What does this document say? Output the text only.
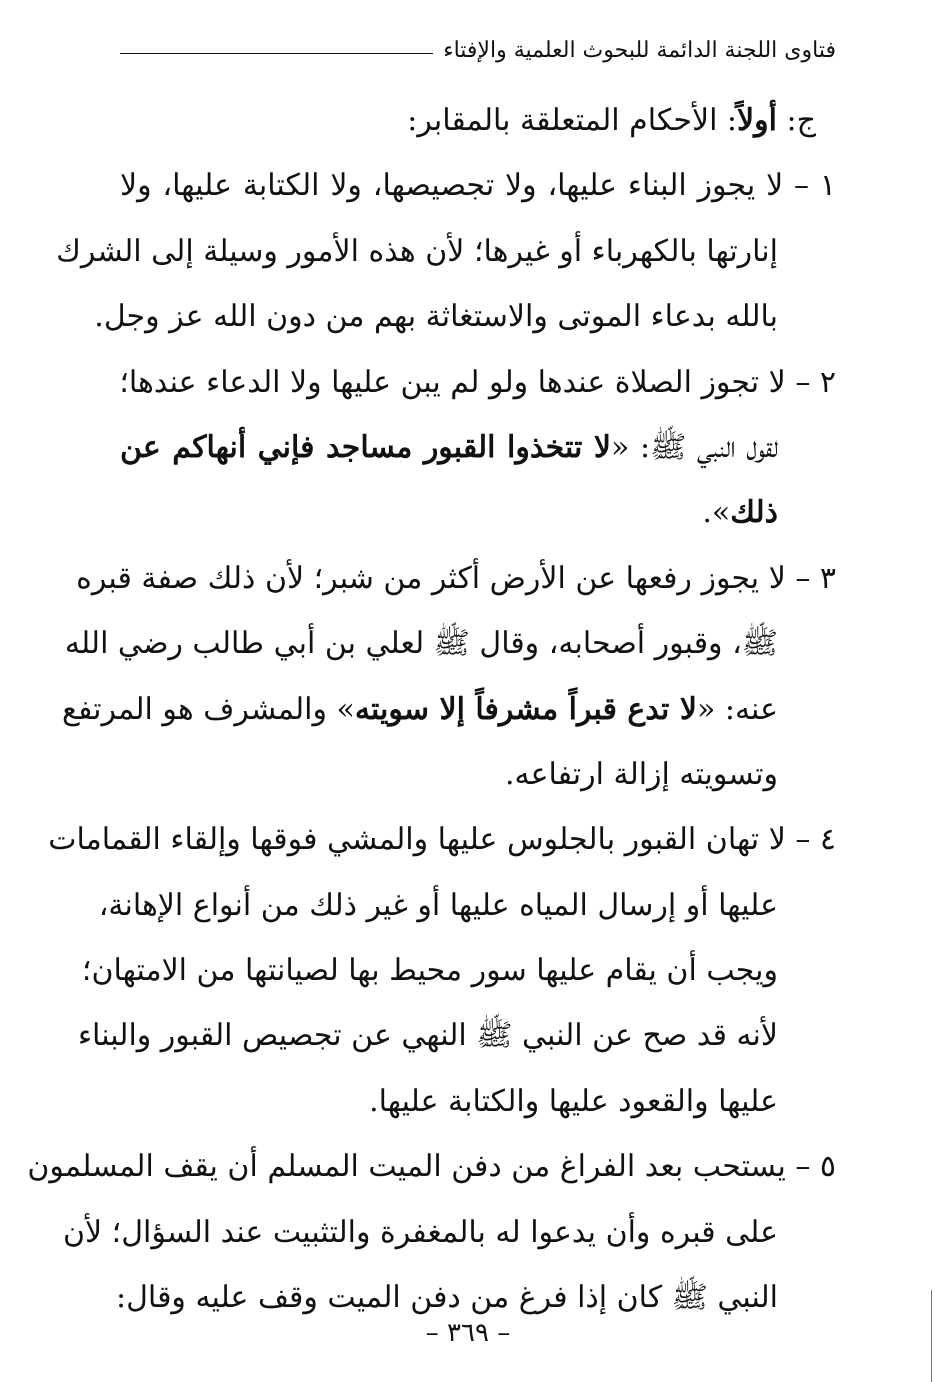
فتاوى اللجنة الدائمة للبحوث العلمية والإفتاء
ج: أولاً: الأحكام المتعلقة بالمقابر:
١ – لا يجوز البناء عليها، ولا تجصيصها، ولا الكتابة عليها، ولا
إنارتها بالكهرباء أو غيرها؛ لأن هذه الأمور وسيلة إلى الشرك
بالله بدعاء الموتى والاستغاثة بهم من دون الله عز وجل.
٢ – لا تجوز الصلاة عندها ولو لم يبن عليها ولا الدعاء عندها؛
لقول النبي ﷺ: «لا تتخذوا القبور مساجد فإني أنهاكم عن
ذلك».
٣ – لا يجوز رفعها عن الأرض أكثر من شبر؛ لأن ذلك صفة قبره
ﷺ، وقبور أصحابه، وقال ﷺ لعلي بن أبي طالب رضي الله
عنه: «لا تدع قبراً مشرفاً إلا سويته» والمشرف هو المرتفع
وتسويته إزالة ارتفاعه.
٤ – لا تهان القبور بالجلوس عليها والمشي فوقها وإلقاء القمامات
عليها أو إرسال المياه عليها أو غير ذلك من أنواع الإهانة،
ويجب أن يقام عليها سور محيط بها لصيانتها من الامتهان؛
لأنه قد صح عن النبي ﷺ النهي عن تجصيص القبور والبناء
عليها والقعود عليها والكتابة عليها.
٥ – يستحب بعد الفراغ من دفن الميت المسلم أن يقف المسلمون
على قبره وأن يدعوا له بالمغفرة والتثبيت عند السؤال؛ لأن
النبي ﷺ كان إذا فرغ من دفن الميت وقف عليه وقال:
– ٣٦٩ –
